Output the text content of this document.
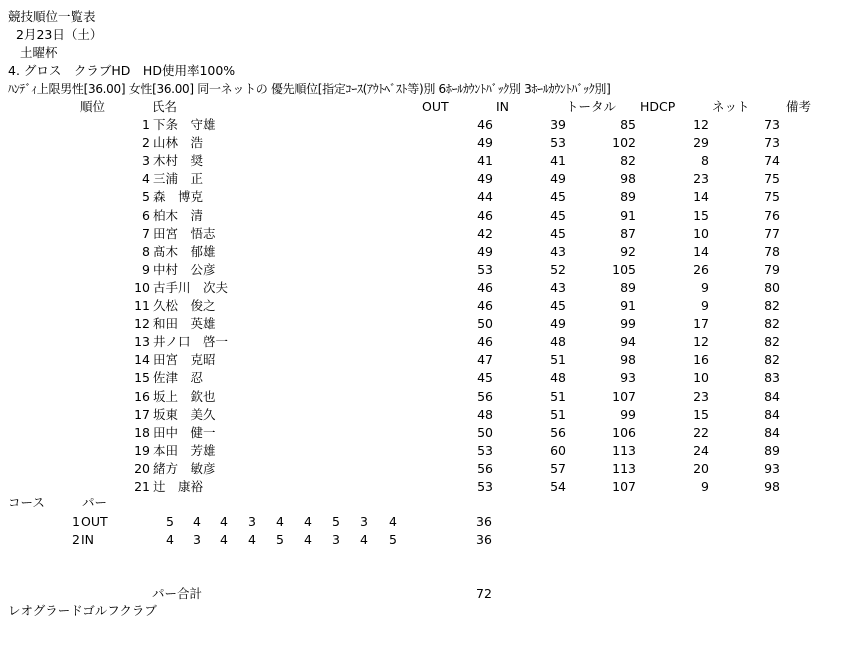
競技順位一覧表
2月23日（土）
土曜杯
4. グロス　クラブHD　HD使用率100%
ﾊﾝﾃﾞｨ上限男性[36.00] 女性[36.00] 同一ネットの 優先順位[指定ｺｰｽ(ｱｳﾄﾍﾞｽﾄ等)別 6ﾎｰﾙｶｳﾝﾄﾊﾞｯｸ別 3ﾎｰﾙｶｳﾝﾄﾊﾞｯｸ別]
順位	氏名	OUT	IN	トータル HDCP	ネット	備考
1 下条　守雄	46	39	85	12	73
2 山林　浩	49	53	102	29	73
3 木村　奨	41	41	82	8	74
4 三浦　正	49	49	98	23	75
5 森　博克	44	45	89	14	75
6 柏木　清	46	45	91	15	76
7 田宮　悟志	42	45	87	10	77
8 髙木　郁雄	49	43	92	14	78
9 中村　公彦	53	52	105	26	79
10 古手川　次夫	46	43	89	9	80
11 久松　俊之	46	45	91	9	82
12 和田　英雄	50	49	99	17	82
13 井ノ口　啓一	46	48	94	12	82
14 田宮　克昭	47	51	98	16	82
15 佐津　忍	45	48	93	10	83
16 坂上　欽也	56	51	107	23	84
17 坂東　美久	48	51	99	15	84
18 田中　健一	50	56	106	22	84
19 本田　芳雄	53	60	113	24	89
20 緒方　敏彦	56	57	113	20	93
21 辻　康裕	53	54	107	9	98
コース	パー
1 OUT	5 4 4 3 4 4 5 3 4	36
2 IN	4 3 4 4 5 4 3 4 5	36
パー合計	72
レオグラードゴルフクラブ
